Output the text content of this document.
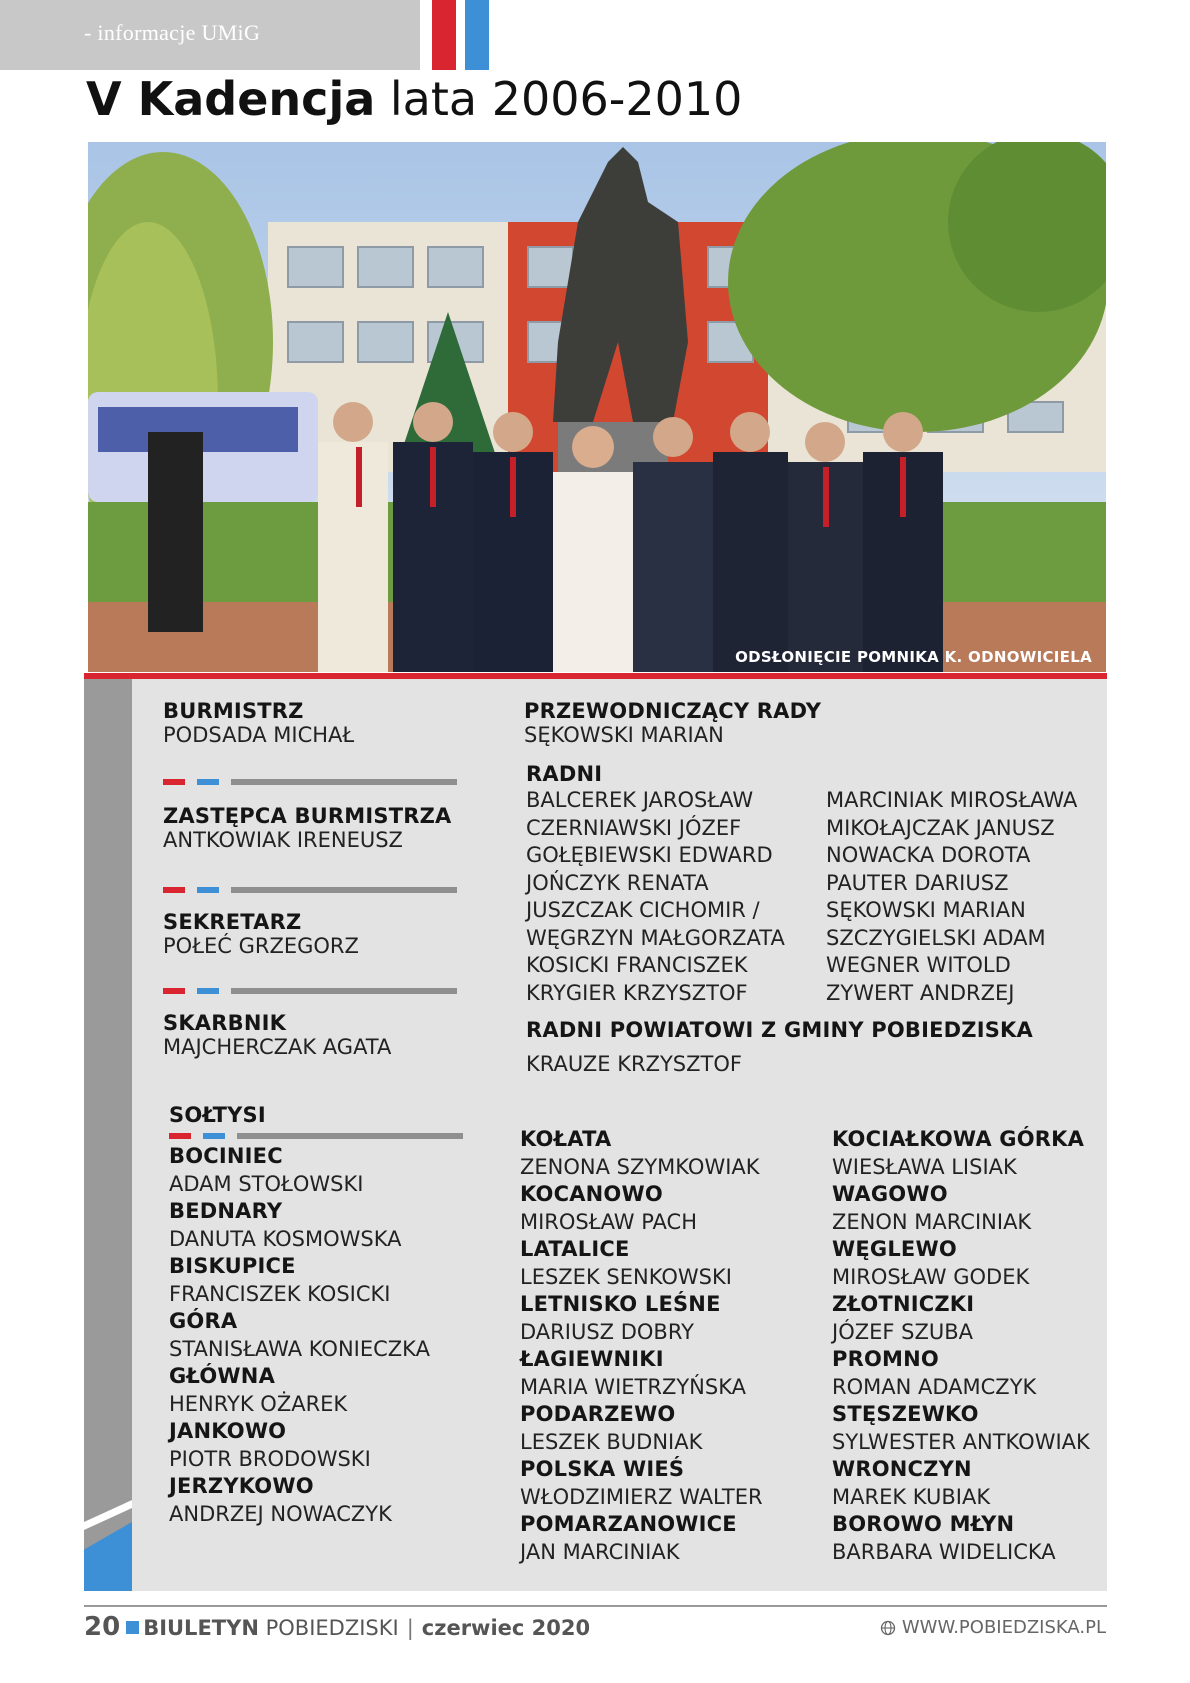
- informacje UMiG
V Kadencja lata 2006-2010
ODSŁONIĘCIE POMNIKA K. ODNOWICIELA
BURMISTRZ
PODSADA MICHAŁ
ZASTĘPCA BURMISTRZA
ANTKOWIAK IRENEUSZ
SEKRETARZ
POŁEĆ GRZEGORZ
SKARBNIK
MAJCHERCZAK AGATA
PRZEWODNICZĄCY RADY
SĘKOWSKI MARIAN
RADNI
BALCEREK JAROSŁAW
CZERNIAWSKI JÓZEF
GOŁĘBIEWSKI EDWARD
JOŃCZYK RENATA
JUSZCZAK CICHOMIR /
WĘGRZYN MAŁGORZATA
KOSICKI FRANCISZEK
KRYGIER KRZYSZTOF
MARCINIAK MIROSŁAWA
MIKOŁAJCZAK JANUSZ
NOWACKA DOROTA
PAUTER DARIUSZ
SĘKOWSKI MARIAN
SZCZYGIELSKI ADAM
WEGNER WITOLD
ZYWERT ANDRZEJ
RADNI POWIATOWI Z GMINY POBIEDZISKA
KRAUZE KRZYSZTOF
SOŁTYSI
BOCINIEC
ADAM STOŁOWSKI
BEDNARY
DANUTA KOSMOWSKA
BISKUPICE
FRANCISZEK KOSICKI
GÓRA
STANISŁAWA KONIECZKA
GŁÓWNA
HENRYK OŻAREK
JANKOWO
PIOTR BRODOWSKI
JERZYKOWO
ANDRZEJ NOWACZYK
KOŁATA
ZENONA SZYMKOWIAK
KOCANOWO
MIROSŁAW PACH
LATALICE
LESZEK SENKOWSKI
LETNISKO LEŚNE
DARIUSZ DOBRY
ŁAGIEWNIKI
MARIA WIETRZYŃSKA
PODARZEWO
LESZEK BUDNIAK
POLSKA WIEŚ
WŁODZIMIERZ WALTER
POMARZANOWICE
JAN MARCINIAK
KOCIAŁKOWA GÓRKA
WIESŁAWA LISIAK
WAGOWO
ZENON MARCINIAK
WĘGLEWO
MIROSŁAW GODEK
ZŁOTNICZKI
JÓZEF SZUBA
PROMNO
ROMAN ADAMCZYK
STĘSZEWKO
SYLWESTER ANTKOWIAK
WRONCZYN
MAREK KUBIAK
BOROWO MŁYN
BARBARA WIDELICKA
20 BIULETYN POBIEDZISKI | czerwiec 2020	WWW.POBIEDZISKA.PL
